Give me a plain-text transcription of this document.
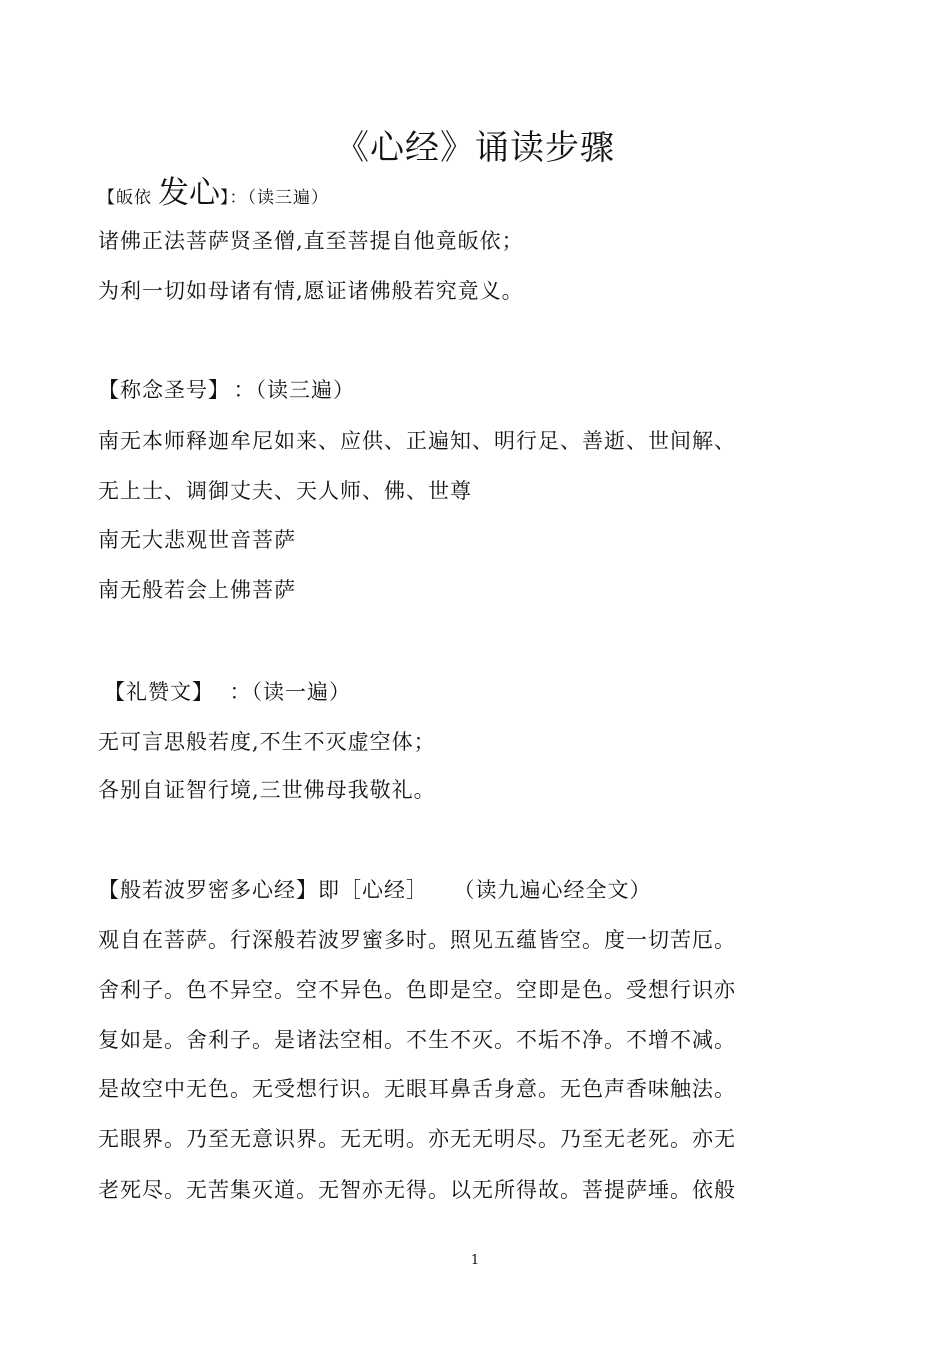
《心经》诵读步骤
【皈依 发心】：（读三遍）
诸佛正法菩萨贤圣僧,直至菩提自他竟皈依；
为利一切如母诸有情,愿证诸佛般若究竟义。
【称念圣号】 ：（读三遍）
南无本师释迦牟尼如来、应供、正遍知、明行足、善逝、世间解、
无上士、调御丈夫、天人师、佛、世尊
南无大悲观世音菩萨
南无般若会上佛菩萨
【礼赞文】 ：（读一遍）
无可言思般若度,不生不灭虚空体；
各别自证智行境,三世佛母我敬礼。
【般若波罗密多心经】即［心经］ （读九遍心经全文）
观自在菩萨。行深般若波罗蜜多时。照见五蕴皆空。度一切苦厄。
舍利子。色不异空。空不异色。色即是空。空即是色。受想行识亦
复如是。舍利子。是诸法空相。不生不灭。不垢不净。不增不减。
是故空中无色。无受想行识。无眼耳鼻舌身意。无色声香味触法。
无眼界。乃至无意识界。无无明。亦无无明尽。乃至无老死。亦无
老死尽。无苦集灭道。无智亦无得。以无所得故。菩提萨埵。依般
1
